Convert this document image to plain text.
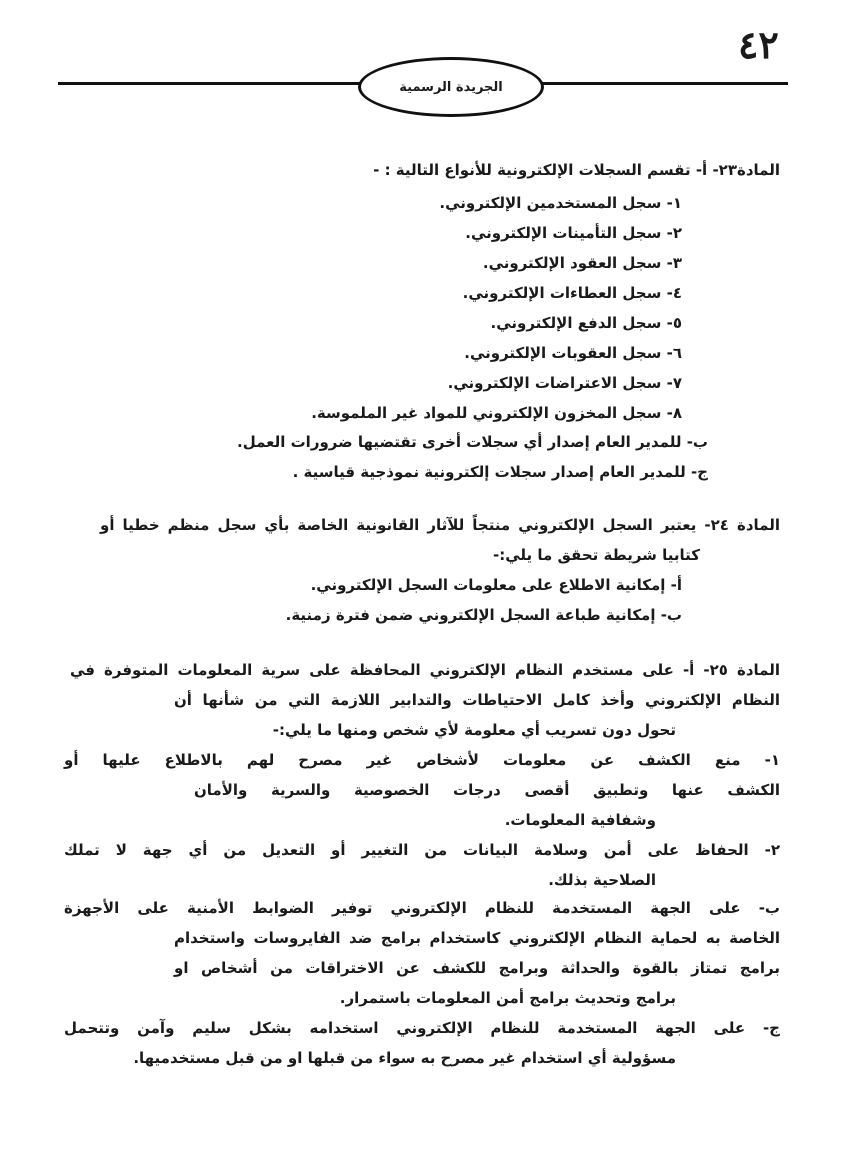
٤٢
الجريدة الرسمية
المادة٢٣- أ- تقسم السجلات الإلكترونية للأنواع التالية : -
١- سجل المستخدمين الإلكتروني.
٢- سجل التأمينات الإلكتروني.
٣- سجل العقود الإلكتروني.
٤- سجل العطاءات الإلكتروني.
٥- سجل الدفع الإلكتروني.
٦- سجل العقوبات الإلكتروني.
٧- سجل الاعتراضات الإلكتروني.
٨- سجل المخزون الإلكتروني للمواد غير الملموسة.
ب- للمدير العام إصدار أي سجلات أخرى تقتضيها ضرورات العمل.
ج- للمدير العام إصدار سجلات إلكترونية نموذجية قياسية .
المادة ٢٤- يعتبر السجل الإلكتروني منتجاً للآثار القانونية الخاصة بأي سجل منظم خطيا أو
كتابيا شريطة تحقق ما يلي:-
أ- إمكانية الاطلاع على معلومات السجل الإلكتروني.
ب- إمكانية طباعة السجل الإلكتروني ضمن فترة زمنية.
المادة ٢٥- أ- على مستخدم النظام الإلكتروني المحافظة على سرية المعلومات المتوفرة في
النظام الإلكتروني وأخذ كامل الاحتياطات والتدابير اللازمة التي من شأنها أن
تحول دون تسريب أي معلومة لأي شخص ومنها ما يلي:-
١- منع الكشف عن معلومات لأشخاص غير مصرح لهم بالاطلاع عليها أو
الكشف عنها وتطبيق أقصى درجات الخصوصية والسرية والأمان
وشفافية المعلومات.
٢- الحفاظ على أمن وسلامة البيانات من التغيير أو التعديل من أي جهة لا تملك
الصلاحية بذلك.
ب- على الجهة المستخدمة للنظام الإلكتروني توفير الضوابط الأمنية على الأجهزة
الخاصة به لحماية النظام الإلكتروني كاستخدام برامج ضد الفايروسات واستخدام
برامج تمتاز بالقوة والحداثة وبرامج للكشف عن الاختراقات من أشخاص او
برامج وتحديث برامج أمن المعلومات باستمرار.
ج- على الجهة المستخدمة للنظام الإلكتروني استخدامه بشكل سليم وآمن وتتحمل
مسؤولية أي استخدام غير مصرح به سواء من قبلها او من قبل مستخدميها.
